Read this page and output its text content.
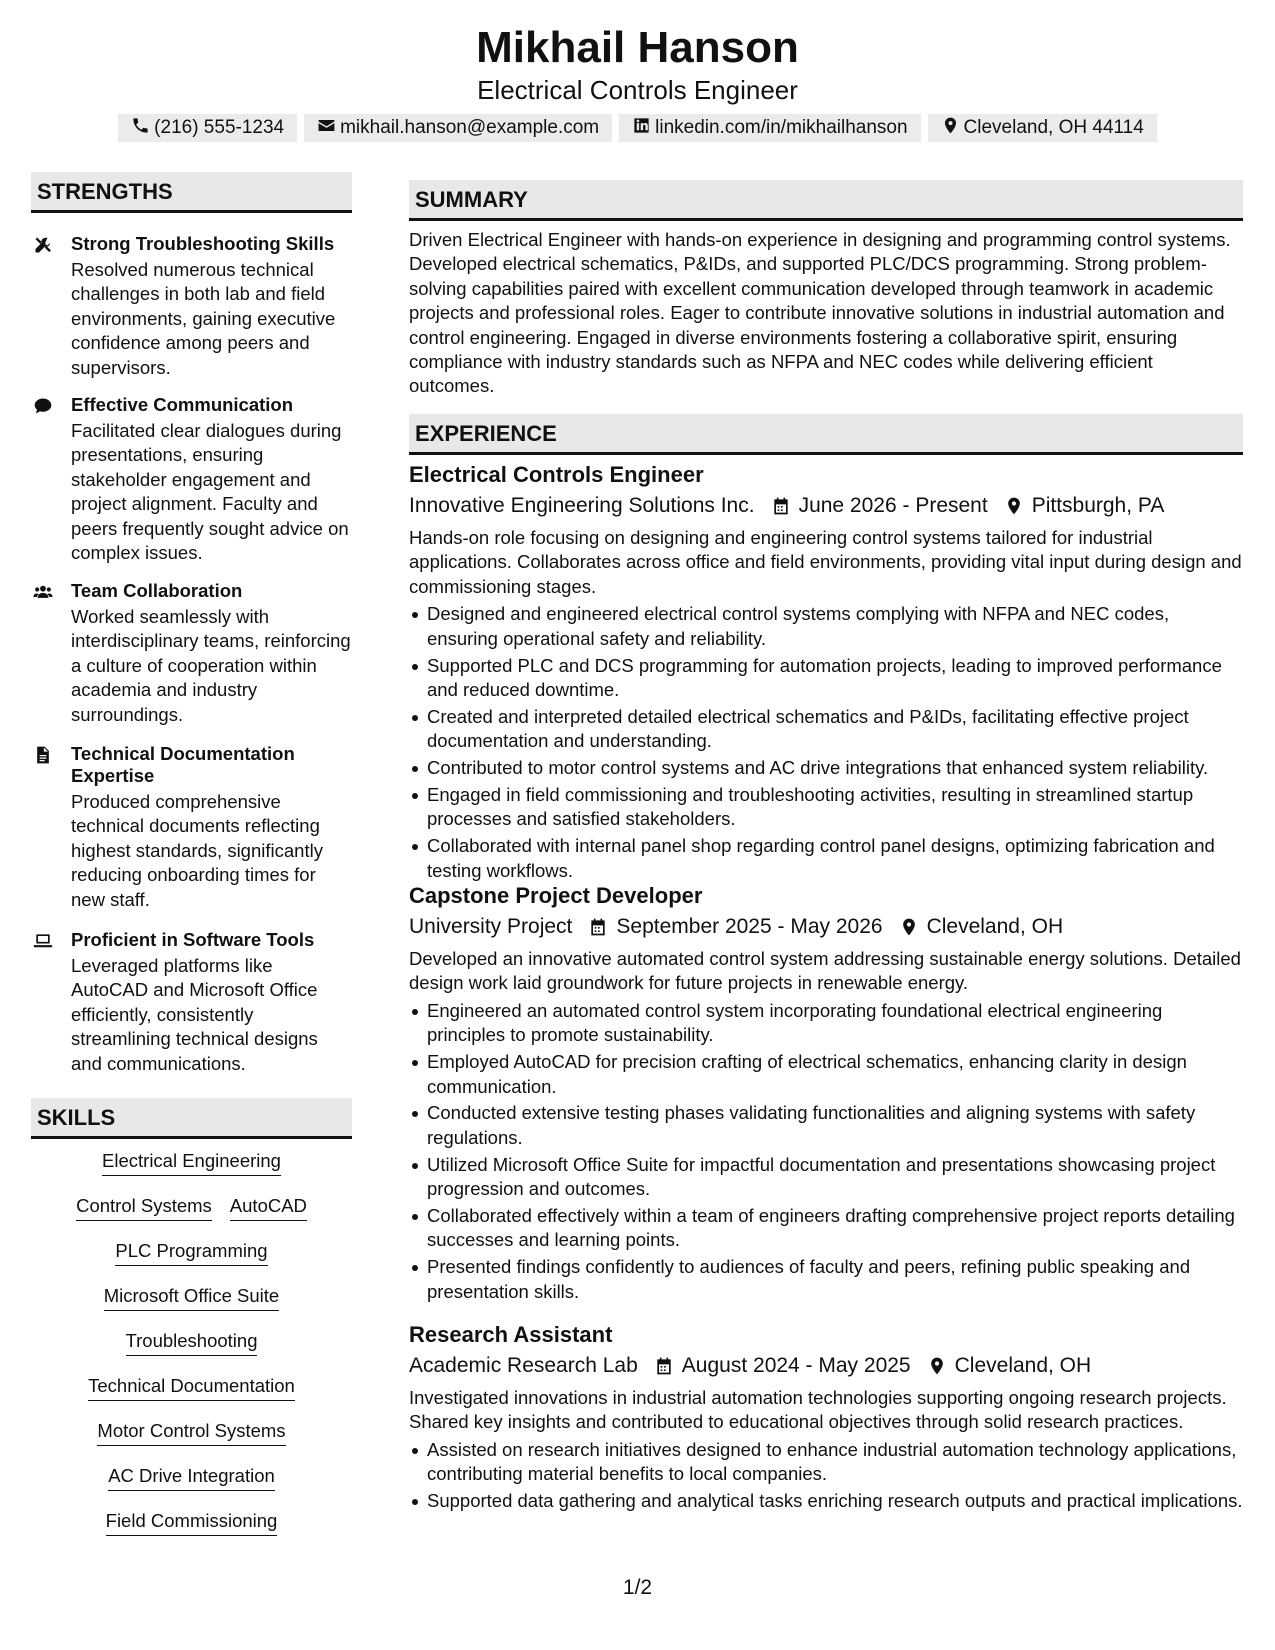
Mikhail Hanson
Electrical Controls Engineer
(216) 555-1234	mikhail.hanson@example.com	linkedin.com/in/mikhailhanson	Cleveland, OH 44114
STRENGTHS
Strong Troubleshooting Skills
Resolved numerous technical challenges in both lab and field environments, gaining executive confidence among peers and supervisors.
Effective Communication
Facilitated clear dialogues during presentations, ensuring stakeholder engagement and project alignment. Faculty and peers frequently sought advice on complex issues.
Team Collaboration
Worked seamlessly with interdisciplinary teams, reinforcing a culture of cooperation within academia and industry surroundings.
Technical Documentation Expertise
Produced comprehensive technical documents reflecting highest standards, significantly reducing onboarding times for new staff.
Proficient in Software Tools
Leveraged platforms like AutoCAD and Microsoft Office efficiently, consistently streamlining technical designs and communications.
SKILLS
Electrical Engineering
Control Systems AutoCAD
PLC Programming
Microsoft Office Suite
Troubleshooting
Technical Documentation
Motor Control Systems
AC Drive Integration
Field Commissioning
SUMMARY
Driven Electrical Engineer with hands-on experience in designing and programming control systems. Developed electrical schematics, P&IDs, and supported PLC/DCS programming. Strong problem-solving capabilities paired with excellent communication developed through teamwork in academic projects and professional roles. Eager to contribute innovative solutions in industrial automation and control engineering. Engaged in diverse environments fostering a collaborative spirit, ensuring compliance with industry standards such as NFPA and NEC codes while delivering efficient outcomes.
EXPERIENCE
Electrical Controls Engineer
Innovative Engineering Solutions Inc. June 2026 - Present Pittsburgh, PA
Hands-on role focusing on designing and engineering control systems tailored for industrial applications. Collaborates across office and field environments, providing vital input during design and commissioning stages.
Designed and engineered electrical control systems complying with NFPA and NEC codes, ensuring operational safety and reliability.
Supported PLC and DCS programming for automation projects, leading to improved performance and reduced downtime.
Created and interpreted detailed electrical schematics and P&IDs, facilitating effective project documentation and understanding.
Contributed to motor control systems and AC drive integrations that enhanced system reliability.
Engaged in field commissioning and troubleshooting activities, resulting in streamlined startup processes and satisfied stakeholders.
Collaborated with internal panel shop regarding control panel designs, optimizing fabrication and testing workflows.
Capstone Project Developer
University Project September 2025 - May 2026 Cleveland, OH
Developed an innovative automated control system addressing sustainable energy solutions. Detailed design work laid groundwork for future projects in renewable energy.
Engineered an automated control system incorporating foundational electrical engineering principles to promote sustainability.
Employed AutoCAD for precision crafting of electrical schematics, enhancing clarity in design communication.
Conducted extensive testing phases validating functionalities and aligning systems with safety regulations.
Utilized Microsoft Office Suite for impactful documentation and presentations showcasing project progression and outcomes.
Collaborated effectively within a team of engineers drafting comprehensive project reports detailing successes and learning points.
Presented findings confidently to audiences of faculty and peers, refining public speaking and presentation skills.
Research Assistant
Academic Research Lab August 2024 - May 2025 Cleveland, OH
Investigated innovations in industrial automation technologies supporting ongoing research projects. Shared key insights and contributed to educational objectives through solid research practices.
Assisted on research initiatives designed to enhance industrial automation technology applications, contributing material benefits to local companies.
Supported data gathering and analytical tasks enriching research outputs and practical implications.
1/2
